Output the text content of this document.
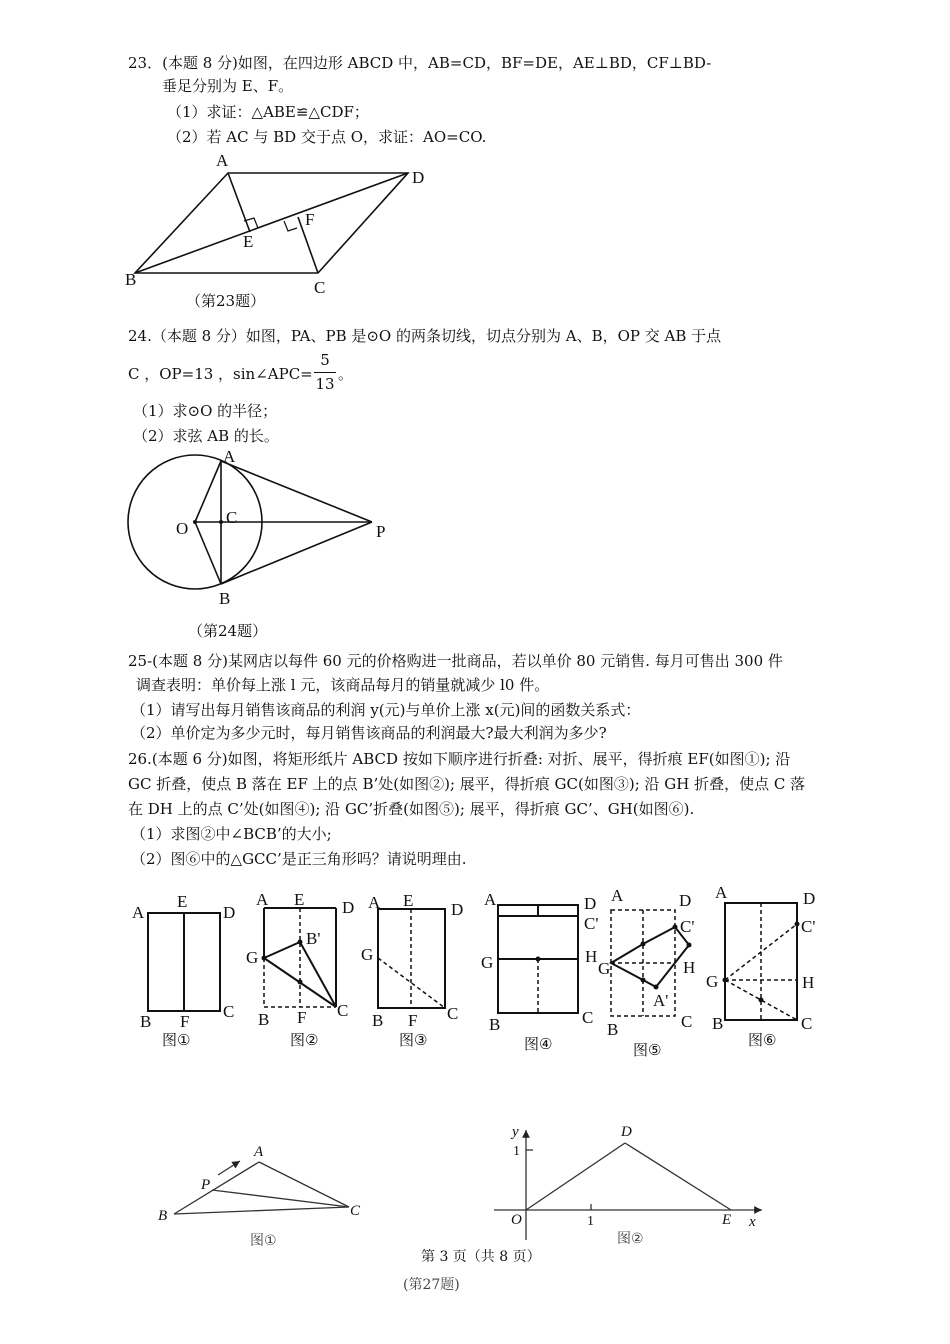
23．(本题 8 分)如图，在四边形 ABCD 中，AB=CD，BF=DE，AE⊥BD，CF⊥BD-
垂足分别为 E、F。
（1）求证：△ABE≌△CDF；
（2）若 AC 与 BD 交于点 O，求证：AO=CO.
A
D
B	C
E
F
（第23题）
24.（本题 8 分）如图，PA、PB 是⊙O 的两条切线，切点分别为 A、B，OP 交 AB 于点
C ，OP=13 ，sin∠APC=
5
13
。
（1）求⊙O 的半径；
（2）求弦 AB 的长。
A
O
C
P
B
（第24题）
25-(本题 8 分)某网店以每件 60 元的价格购进一批商品，若以单价 80 元销售. 每月可售出 300 件
调查表明：单价每上涨 l 元，该商品每月的销量就减少 l0 件。
（1）请写出每月销售该商品的利润 y(元)与单价上涨 x(元)间的函数关系式：
（2）单价定为多少元时，每月销售该商品的利润最大?最大利润为多少?
26.(本题 6 分)如图，将矩形纸片 ABCD 按如下顺序进行折叠: 对折、展平，得折痕 EF(如图①); 沿
GC 折叠，使点 B 落在 EF 上的点 B’处(如图②); 展平，得折痕 GC(如图③); 沿 GH 折叠，使点 C 落
在 DH 上的点 C’处(如图④); 沿 GC’折叠(如图⑤); 展平，得折痕 GC’、GH(如图⑥).
（1）求图②中∠BCB’的大小;
（2）图⑥中的△GCC’是正三角形吗？请说明理由.
A
E
D
B F
C
图①
A E D
G
B'
B F C
图②
A E D
G
B F C
图③
A	D
C'
H
G
B	C
图④
A	D
C'
G	H
A'
B	C
图⑤
A	D
C'
G	H
B	C
图⑥
A
B	C
P
图①
y
x
O
D
E
1
1
图②
第 3 页（共 8 页）
(第27题)
